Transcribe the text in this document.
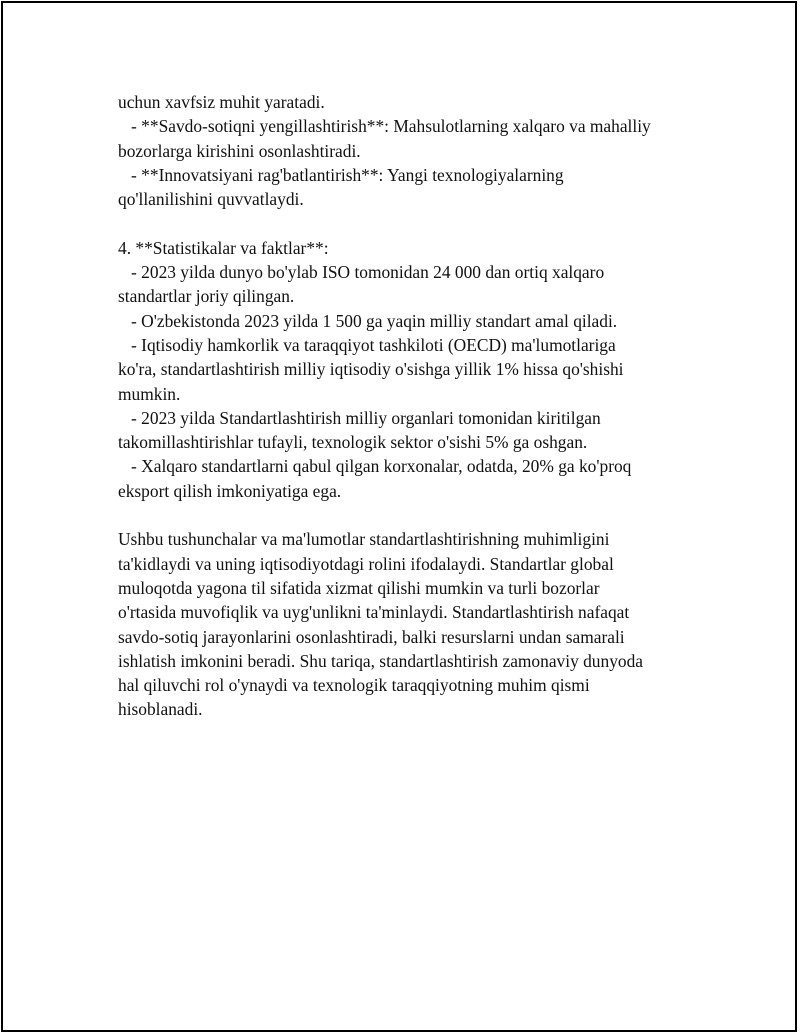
uchun xavfsiz muhit yaratadi.
- **Savdo-sotiqni yengillashtirish**: Mahsulotlarning xalqaro va mahalliy
bozorlarga kirishini osonlashtiradi.
- **Innovatsiyani rag'batlantirish**: Yangi texnologiyalarning
qo'llanilishini quvvatlaydi.
4. **Statistikalar va faktlar**:
- 2023 yilda dunyo bo'ylab ISO tomonidan 24 000 dan ortiq xalqaro
standartlar joriy qilingan.
- O'zbekistonda 2023 yilda 1 500 ga yaqin milliy standart amal qiladi.
- Iqtisodiy hamkorlik va taraqqiyot tashkiloti (OECD) ma'lumotlariga
ko'ra, standartlashtirish milliy iqtisodiy o'sishga yillik 1% hissa qo'shishi
mumkin.
- 2023 yilda Standartlashtirish milliy organlari tomonidan kiritilgan
takomillashtirishlar tufayli, texnologik sektor o'sishi 5% ga oshgan.
- Xalqaro standartlarni qabul qilgan korxonalar, odatda, 20% ga ko'proq
eksport qilish imkoniyatiga ega.
Ushbu tushunchalar va ma'lumotlar standartlashtirishning muhimligini
ta'kidlaydi va uning iqtisodiyotdagi rolini ifodalaydi. Standartlar global
muloqotda yagona til sifatida xizmat qilishi mumkin va turli bozorlar
o'rtasida muvofiqlik va uyg'unlikni ta'minlaydi. Standartlashtirish nafaqat
savdo-sotiq jarayonlarini osonlashtiradi, balki resurslarni undan samarali
ishlatish imkonini beradi. Shu tariqa, standartlashtirish zamonaviy dunyoda
hal qiluvchi rol o'ynaydi va texnologik taraqqiyotning muhim qismi
hisoblanadi.
